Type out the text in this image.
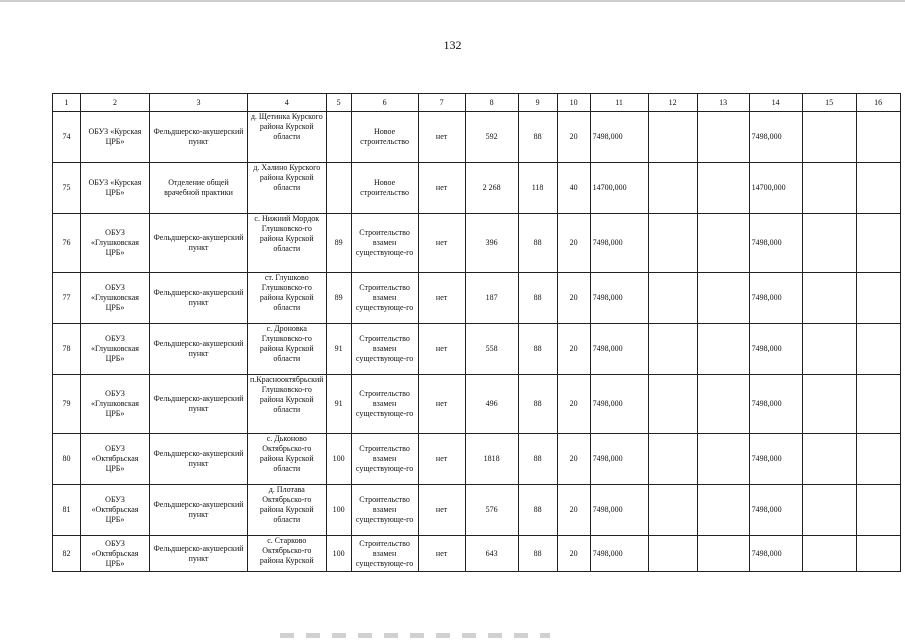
132
1	2	3	4	5	6	7	8	9	10	11	12	13	14	15	16
74	ОБУЗ «Курская ЦРБ»	Фельдшерско-акушерский пункт	д. Щетинка Курского района Курской области		Новое строительство	нет	592	88	20	7498,000			7498,000		
75	ОБУЗ «Курская ЦРБ»	Отделение общей врачебной практики	д. Халино Курского района Курской области		Новое строительство	нет	2 268	118	40	14700,000			14700,000		
76	ОБУЗ «Глушковская ЦРБ»	Фельдшерско-акушерский пункт	с. Нижний Мордок Глушковско-го района Курской области	89	Строительство взамен существующе-го	нет	396	88	20	7498,000			7498,000		
77	ОБУЗ «Глушковская ЦРБ»	Фельдшерско-акушерский пункт	ст. Глушково Глушковско-го района Курской области	89	Строительство взамен существующе-го	нет	187	88	20	7498,000			7498,000		
78	ОБУЗ «Глушковская ЦРБ»	Фельдшерско-акушерский пункт	с. Дроновка Глушковско-го района Курской области	91	Строительство взамен существующе-го	нет	558	88	20	7498,000			7498,000		
79	ОБУЗ «Глушковская ЦРБ»	Фельдшерско-акушерский пункт	п.Краснооктябрьский Глушковско-го района Курской области	91	Строительство взамен существующе-го	нет	496	88	20	7498,000			7498,000		
80	ОБУЗ «Октябрьская ЦРБ»	Фельдшерско-акушерский пункт	с. Дьконово Октябрьско-го района Курской области	100	Строительство взамен существующе-го	нет	1818	88	20	7498,000			7498,000		
81	ОБУЗ «Октябрьская ЦРБ»	Фельдшерско-акушерский пункт	д. Плотава Октябрьско-го района Курской области	100	Строительство взамен существующе-го	нет	576	88	20	7498,000			7498,000		
82	ОБУЗ «Октябрьская ЦРБ»	Фельдшерско-акушерский пункт	с. Старково Октябрьско-го района Курской	100	Строительство взамен существующе-го	нет	643	88	20	7498,000			7498,000		
